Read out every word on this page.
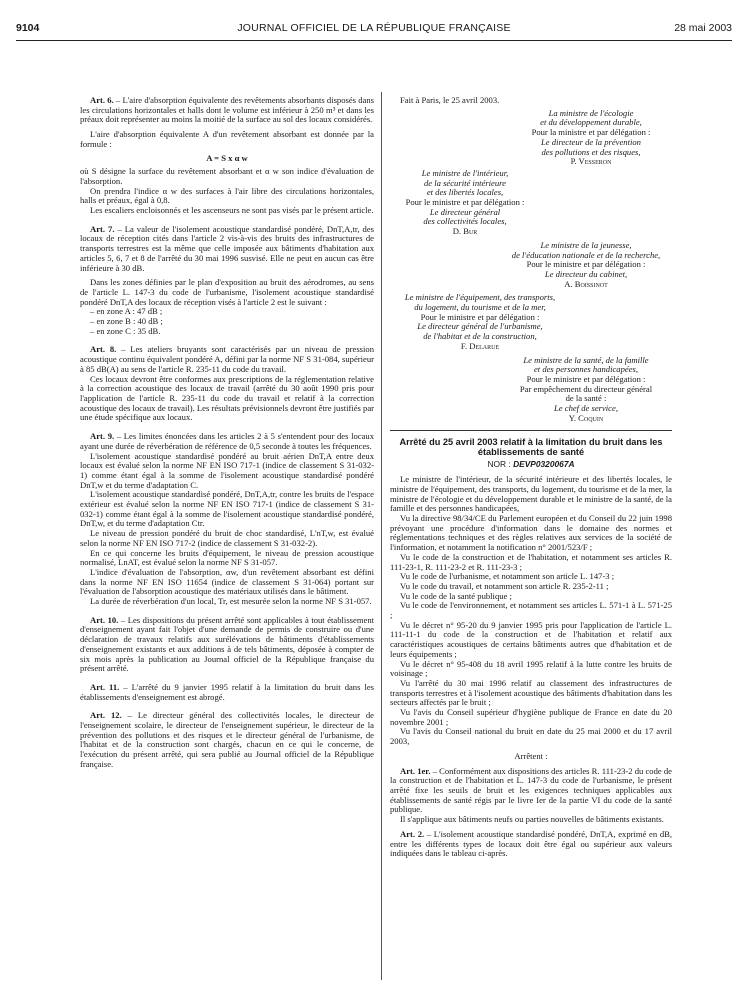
9104	JOURNAL OFFICIEL DE LA RÉPUBLIQUE FRANÇAISE	28 mai 2003

Art. 6. – L'aire d'absorption équivalente des revêtements absorbants disposés dans les circulations horizontales et halls dont le volume est inférieur à 250 m³ et dans les préaux doit représenter au moins la moitié de la surface au sol des locaux considérés.

L'aire d'absorption équivalente A d'un revêtement absorbant est donnée par la formule :

A = S x α w

où S désigne la surface du revêtement absorbant et α w son indice d'évaluation de l'absorption.

On prendra l'indice α w des surfaces à l'air libre des circulations horizontales, halls et préaux, égal à 0,8.

Les escaliers encloisonnés et les ascenseurs ne sont pas visés par le présent article.

Art. 7. – La valeur de l'isolement acoustique standardisé pondéré, DnT,A,tr, des locaux de réception cités dans l'article 2 vis-à-vis des bruits des infrastructures de transports terrestres est la même que celle imposée aux bâtiments d'habitation aux articles 5, 6, 7 et 8 de l'arrêté du 30 mai 1996 susvisé. Elle ne peut en aucun cas être inférieure à 30 dB.

Dans les zones définies par le plan d'exposition au bruit des aérodromes, au sens de l'article L. 147-3 du code de l'urbanisme, l'isolement acoustique standardisé pondéré DnT,A des locaux de réception visés à l'article 2 est le suivant :

– en zone A : 47 dB ;

– en zone B : 40 dB ;

– en zone C : 35 dB.

Art. 8. – Les ateliers bruyants sont caractérisés par un niveau de pression acoustique continu équivalent pondéré A, défini par la norme NF S 31-084, supérieur à 85 dB(A) au sens de l'article R. 235-11 du code du travail.

Ces locaux devront être conformes aux prescriptions de la réglementation relative à la correction acoustique des locaux de travail (arrêté du 30 août 1990 pris pour l'application de l'article R. 235-11 du code du travail et relatif à la correction acoustique des locaux de travail). Les résultats prévisionnels devront être justifiés par une étude spécifique aux locaux.

Art. 9. – Les limites énoncées dans les articles 2 à 5 s'entendent pour des locaux ayant une durée de réverbération de référence de 0,5 seconde à toutes les fréquences.

L'isolement acoustique standardisé pondéré au bruit aérien DnT,A entre deux locaux est évalué selon la norme NF EN ISO 717-1 (indice de classement S 31-032-1) comme étant égal à la somme de l'isolement acoustique standardisé pondéré DnT,w et du terme d'adaptation C.

L'isolement acoustique standardisé pondéré, DnT,A,tr, contre les bruits de l'espace extérieur est évalué selon la norme NF EN ISO 717-1 (indice de classement S 31-032-1) comme étant égal à la somme de l'isolement acoustique standardisé pondéré, DnT,w, et du terme d'adaptation Ctr.

Le niveau de pression pondéré du bruit de choc standardisé, L'nT,w, est évalué selon la norme NF EN ISO 717-2 (indice de classement S 31-032-2).

En ce qui concerne les bruits d'équipement, le niveau de pression acoustique normalisé, LnAT, est évalué selon la norme NF S 31-057.

L'indice d'évaluation de l'absorption, αw, d'un revêtement absorbant est défini dans la norme NF EN ISO 11654 (indice de classement S 31-064) portant sur l'évaluation de l'absorption acoustique des matériaux utilisés dans le bâtiment.

La durée de réverbération d'un local, Tr, est mesurée selon la norme NF S 31-057.

Art. 10. – Les dispositions du présent arrêté sont applicables à tout établissement d'enseignement ayant fait l'objet d'une demande de permis de construire ou d'une déclaration de travaux relatifs aux surélévations de bâtiments d'établissements d'enseignement existants et aux additions à de tels bâtiments, déposée à compter de six mois après la publication au Journal officiel de la République française du présent arrêté.

Art. 11. – L'arrêté du 9 janvier 1995 relatif à la limitation du bruit dans les établissements d'enseignement est abrogé.

Art. 12. – Le directeur général des collectivités locales, le directeur de l'enseignement scolaire, le directeur de l'enseignement supérieur, le directeur de la prévention des pollutions et des risques et le directeur général de l'urbanisme, de l'habitat et de la construction sont chargés, chacun en ce qui le concerne, de l'exécution du présent arrêté, qui sera publié au Journal officiel de la République française.

Fait à Paris, le 25 avril 2003.

La ministre de l'écologie
et du développement durable,
Pour la ministre et par délégation :
Le directeur de la prévention
des pollutions et des risques,
P. Vesseron
Le ministre de l'intérieur,
de la sécurité intérieure
et des libertés locales,
Pour le ministre et par délégation :
Le directeur général
des collectivités locales,
D. Bur
Le ministre de la jeunesse,
de l'éducation nationale et de la recherche,
Pour le ministre et par délégation :
Le directeur du cabinet,
A. Boissinot
Le ministre de l'équipement, des transports,
du logement, du tourisme et de la mer,
Pour le ministre et par délégation :
Le directeur général de l'urbanisme,
de l'habitat et de la construction,
F. Delarue
Le ministre de la santé, de la famille
et des personnes handicapées,
Pour le ministre et par délégation :
Par empêchement du directeur général
de la santé :
Le chef de service,
Y. Coquin
Arrêté du 25 avril 2003 relatif à la limitation du bruit dans les établissements de santé
NOR : DEVP0320067A

Le ministre de l'intérieur, de la sécurité intérieure et des libertés locales, le ministre de l'équipement, des transports, du logement, du tourisme et de la mer, la ministre de l'écologie et du développement durable et le ministre de la santé, de la famille et des personnes handicapées,

Vu la directive 98/34/CE du Parlement européen et du Conseil du 22 juin 1998 prévoyant une procédure d'information dans le domaine des normes et réglementations techniques et des règles relatives aux services de la société de l'information, et notamment la notification n° 2001/523/F ;

Vu le code de la construction et de l'habitation, et notamment ses articles R. 111-23-1, R. 111-23-2 et R. 111-23-3 ;

Vu le code de l'urbanisme, et notamment son article L. 147-3 ;

Vu le code du travail, et notamment son article R. 235-2-11 ;

Vu le code de la santé publique ;

Vu le code de l'environnement, et notamment ses articles L. 571-1 à L. 571-25 ;

Vu le décret n° 95-20 du 9 janvier 1995 pris pour l'application de l'article L. 111-11-1 du code de la construction et de l'habitation et relatif aux caractéristiques acoustiques de certains bâtiments autres que d'habitation et de leurs équipements ;

Vu le décret n° 95-408 du 18 avril 1995 relatif à la lutte contre les bruits de voisinage ;

Vu l'arrêté du 30 mai 1996 relatif au classement des infrastructures de transports terrestres et à l'isolement acoustique des bâtiments d'habitation dans les secteurs affectés par le bruit ;

Vu l'avis du Conseil supérieur d'hygiène publique de France en date du 20 novembre 2001 ;

Vu l'avis du Conseil national du bruit en date du 25 mai 2000 et du 17 avril 2003,

Arrêtent :

Art. 1er. – Conformément aux dispositions des articles R. 111-23-2 du code de la construction et de l'habitation et L. 147-3 du code de l'urbanisme, le présent arrêté fixe les seuils de bruit et les exigences techniques applicables aux établissements de santé régis par le livre Ier de la partie VI du code de la santé publique.

Il s'applique aux bâtiments neufs ou parties nouvelles de bâtiments existants.

Art. 2. – L'isolement acoustique standardisé pondéré, DnT,A, exprimé en dB, entre les différents types de locaux doit être égal ou supérieur aux valeurs indiquées dans le tableau ci-après.
